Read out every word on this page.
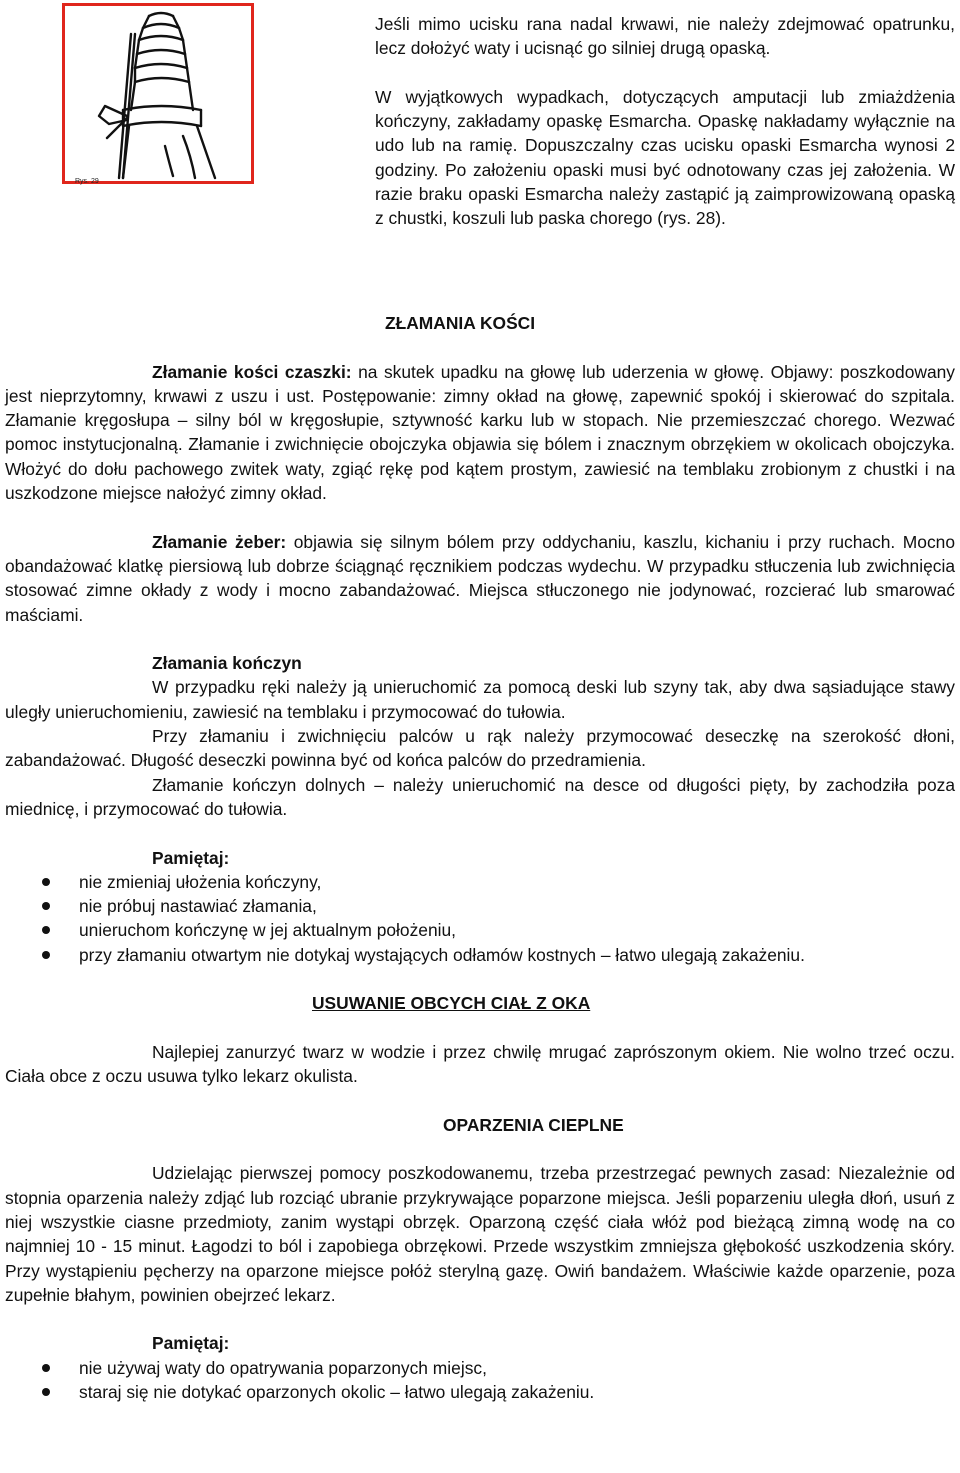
Rys. 29

Jeśli mimo ucisku rana nadal krwawi, nie należy zdejmować opatrunku, lecz dołożyć waty i ucisnąć go silniej drugą opaską.

W wyjątkowych wypadkach, dotyczących amputacji lub zmiażdżenia kończyny, zakładamy opaskę Esmarcha. Opaskę nakładamy wyłącznie na udo lub na ramię. Dopuszczalny czas ucisku opaski Esmarcha wynosi 2 godziny. Po założeniu opaski musi być odnotowany czas jej założenia. W razie braku opaski Esmarcha należy zastąpić ją zaimprowizowaną opaską z chustki, koszuli lub paska chorego (rys. 28).

ZŁAMANIA KOŚCI

Złamanie kości czaszki: na skutek upadku na głowę lub uderzenia w głowę. Objawy: poszkodowany jest nieprzytomny, krwawi z uszu i ust. Postępowanie: zimny okład na głowę, zapewnić spokój i skierować do szpitala. Złamanie kręgosłupa – silny ból w kręgosłupie, sztywność karku lub w stopach. Nie przemieszczać chorego. Wezwać pomoc instytucjonalną. Złamanie i zwichnięcie obojczyka objawia się bólem i znacznym obrzękiem w okolicach obojczyka. Włożyć do dołu pachowego zwitek waty, zgiąć rękę pod kątem prostym, zawiesić na temblaku zrobionym z chustki i na uszkodzone miejsce nałożyć zimny okład.

Złamanie żeber: objawia się silnym bólem przy oddychaniu, kaszlu, kichaniu i przy ruchach. Mocno obandażować klatkę piersiową lub dobrze ściągnąć ręcznikiem podczas wydechu. W przypadku stłuczenia lub zwichnięcia stosować zimne okłady z wody i mocno zabandażować. Miejsca stłuczonego nie jodynować, rozcierać lub smarować maściami.

Złamania kończyn

W przypadku ręki należy ją unieruchomić za pomocą deski lub szyny tak, aby dwa sąsiadujące stawy uległy unieruchomieniu, zawiesić na temblaku i przymocować do tułowia.

Przy złamaniu i zwichnięciu palców u rąk należy przymocować deseczkę na szerokość dłoni, zabandażować. Długość deseczki powinna być od końca palców do przedramienia.

Złamanie kończyn dolnych – należy unieruchomić na desce od długości pięty, by zachodziła poza miednicę, i przymocować do tułowia.

Pamiętaj:

nie zmieniaj ułożenia kończyny,
nie próbuj nastawiać złamania,
unieruchom kończynę w jej aktualnym położeniu,
przy złamaniu otwartym nie dotykaj wystających odłamów kostnych – łatwo ulegają zakażeniu.

USUWANIE OBCYCH CIAŁ Z OKA

Najlepiej zanurzyć twarz w wodzie i przez chwilę mrugać zaprószonym okiem. Nie wolno trzeć oczu. Ciała obce z oczu usuwa tylko lekarz okulista.

OPARZENIA CIEPLNE

Udzielając pierwszej pomocy poszkodowanemu, trzeba przestrzegać pewnych zasad: Niezależnie od stopnia oparzenia należy zdjąć lub rozciąć ubranie przykrywające poparzone miejsca. Jeśli poparzeniu uległa dłoń, usuń z niej wszystkie ciasne przedmioty, zanim wystąpi obrzęk. Oparzoną część ciała włóż pod bieżącą zimną wodę na co najmniej 10 - 15 minut. Łagodzi to ból i zapobiega obrzękowi. Przede wszystkim zmniejsza głębokość uszkodzenia skóry. Przy wystąpieniu pęcherzy na oparzone miejsce połóż sterylną gazę. Owiń bandażem. Właściwie każde oparzenie, poza zupełnie błahym, powinien obejrzeć lekarz.

Pamiętaj:

nie używaj waty do opatrywania poparzonych miejsc,
staraj się nie dotykać oparzonych okolic – łatwo ulegają zakażeniu.
